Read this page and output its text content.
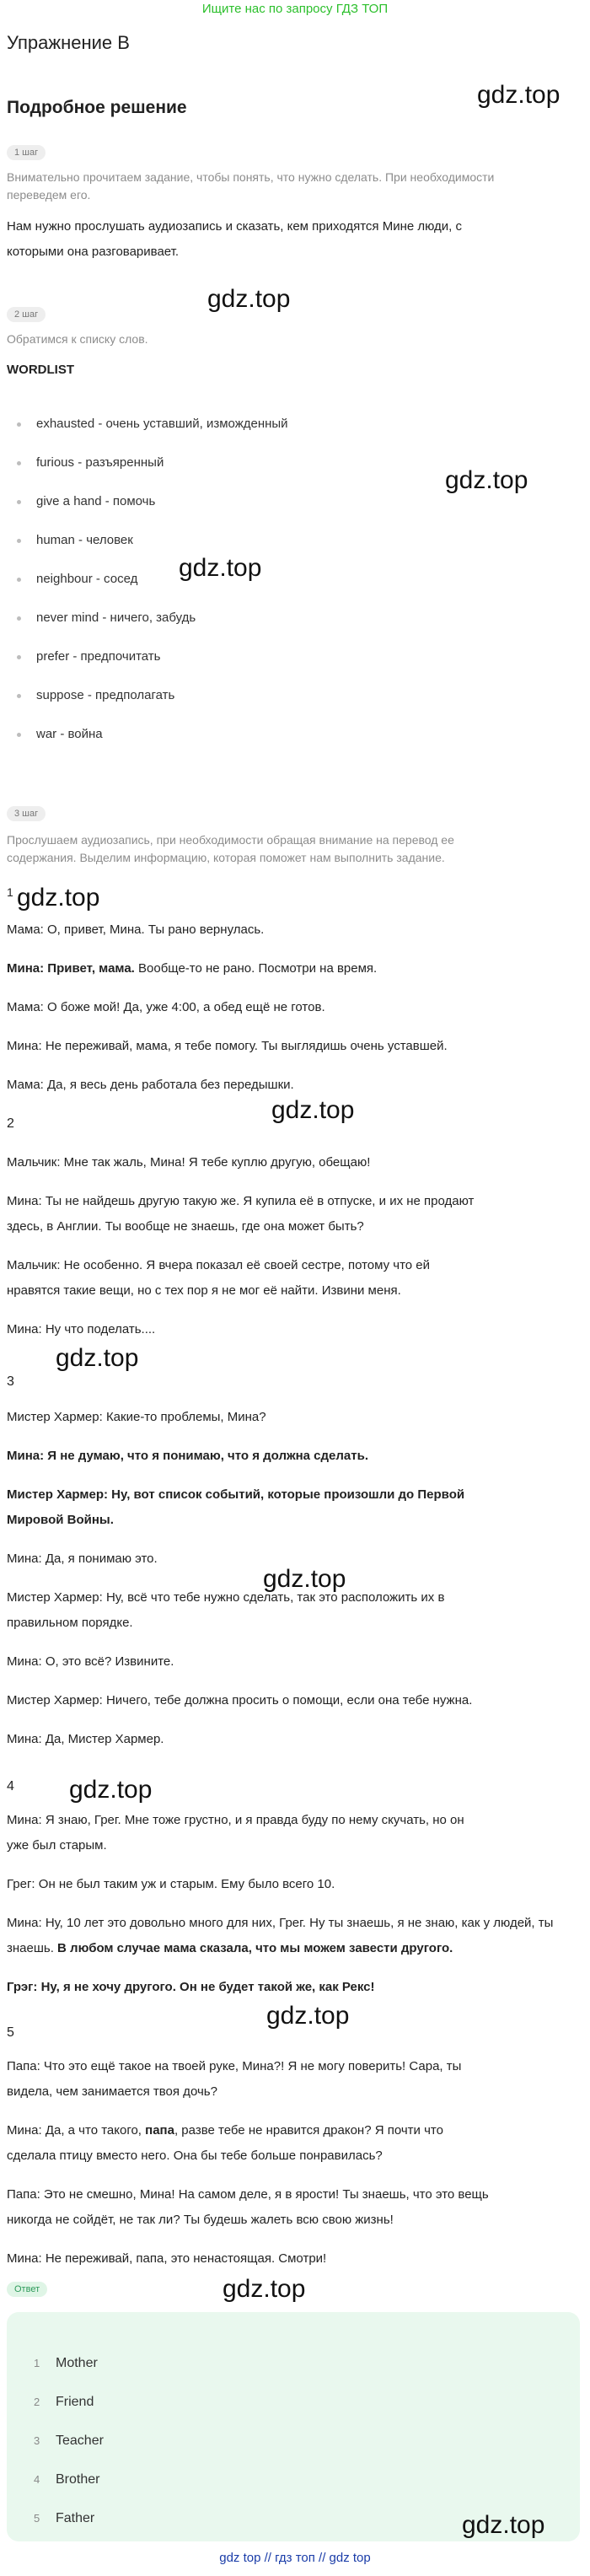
Ищите нас по запросу ГДЗ ТОП
Упражнение B
gdz.top
Подробное решение
1 шаг
Внимательно прочитаем задание, чтобы понять, что нужно сделать. При необходимости
переведем его.
Нам нужно прослушать аудиозапись и сказать, кем приходятся Мине люди, с
которыми она разговаривает.
gdz.top
2 шаг
Обратимся к списку слов.
WORDLIST
exhausted - очень уставший, изможденный
furious - разъяренный
give a hand - помочь
human - человек
neighbour - сосед
never mind - ничего, забудь
prefer - предпочитать
suppose - предполагать
war - война
gdz.top
gdz.top
3 шаг
Прослушаем аудиозапись, при необходимости обращая внимание на перевод ее
содержания. Выделим информацию, которая поможет нам выполнить задание.
1 gdz.top
Мама: О, привет, Мина. Ты рано вернулась.
Мина: Привет, мама. Вообще-то не рано. Посмотри на время.
Мама: О боже мой! Да, уже 4:00, а обед ещё не готов.
Мина: Не переживай, мама, я тебе помогу. Ты выглядишь очень уставшей.
Мама: Да, я весь день работала без передышки.
gdz.top
2
Мальчик: Мне так жаль, Мина! Я тебе куплю другую, обещаю!
Мина: Ты не найдешь другую такую же. Я купила её в отпуске, и их не продают
здесь, в Англии. Ты вообще не знаешь, где она может быть?
Мальчик: Не особенно. Я вчера показал её своей сестре, потому что ей
нравятся такие вещи, но с тех пор я не мог её найти. Извини меня.
Мина: Ну что поделать....
gdz.top
3
Мистер Хармер: Какие-то проблемы, Мина?
Мина: Я не думаю, что я понимаю, что я должна сделать.
Мистер Хармер: Ну, вот список событий, которые произошли до Первой
Мировой Войны.
gdz.top
Мина: Да, я понимаю это.
Мистер Хармер: Ну, всё что тебе нужно сделать, так это расположить их в
правильном порядке.
Мина: О, это всё? Извините.
Мистер Хармер: Ничего, тебе должна просить о помощи, если она тебе нужна.
Мина: Да, Мистер Хармер.
4 gdz.top
Мина: Я знаю, Грег. Мне тоже грустно, и я правда буду по нему скучать, но он
уже был старым.
Грег: Он не был таким уж и старым. Ему было всего 10.
Мина: Ну, 10 лет это довольно много для них, Грег. Ну ты знаешь, я не знаю, как у людей, ты
знаешь. В любом случае мама сказала, что мы можем завести другого.
Грэг: Ну, я не хочу другого. Он не будет такой же, как Рекс!
gdz.top
5
Папа: Что это ещё такое на твоей руке, Мина?! Я не могу поверить! Сара, ты
видела, чем занимается твоя дочь?
Мина: Да, а что такого, папа, разве тебе не нравится дракон? Я почти что
сделала птицу вместо него. Она бы тебе больше понравилась?
Папа: Это не смешно, Мина! На самом деле, я в ярости! Ты знаешь, что это вещь
никогда не сойдёт, не так ли? Ты будешь жалеть всю свою жизнь!
Мина: Не переживай, папа, это ненастоящая. Смотри!
Ответ	gdz.top
1 Mother
2 Friend
3 Teacher
4 Brother
5 Father	gdz.top
gdz top // гдз топ // gdz top
